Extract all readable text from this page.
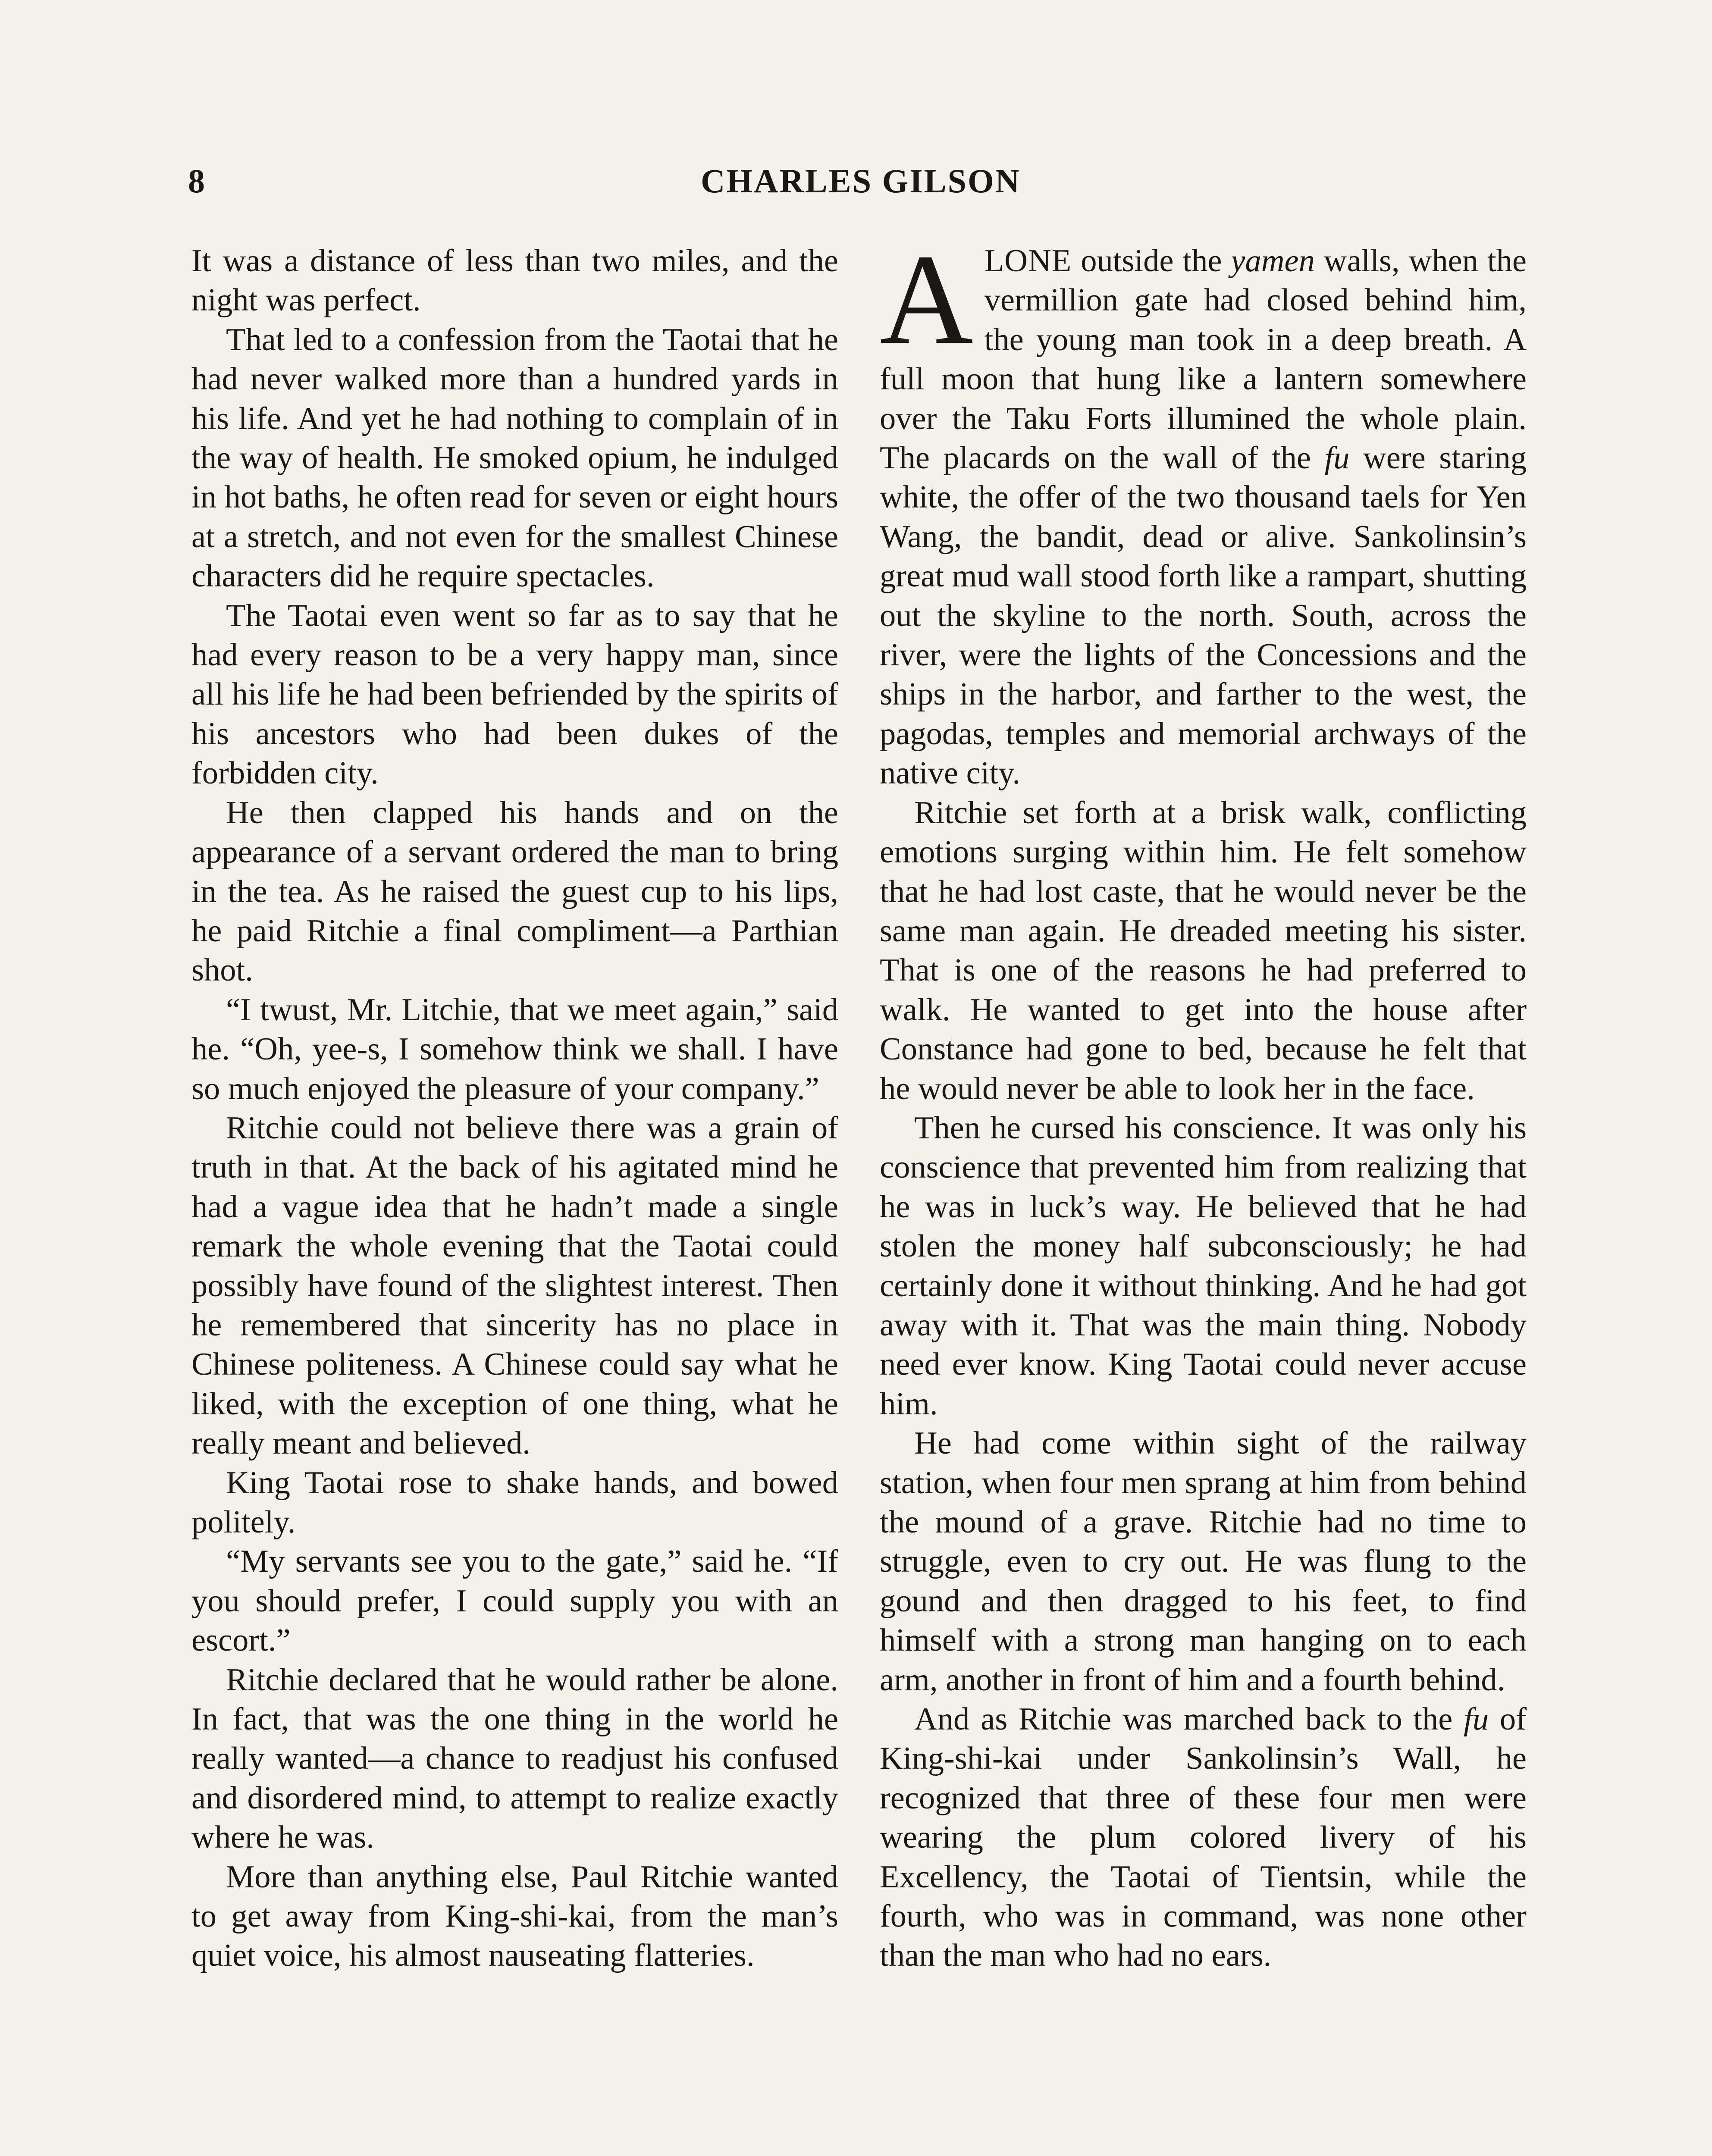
8	CHARLES GILSON

It was a distance of less than two miles, and the night was perfect.

That led to a confession from the Taotai that he had never walked more than a hundred yards in his life. And yet he had nothing to complain of in the way of health. He smoked opium, he indulged in hot baths, he often read for seven or eight hours at a stretch, and not even for the smallest Chinese characters did he require spectacles.

The Taotai even went so far as to say that he had every reason to be a very happy man, since all his life he had been befriended by the spirits of his ancestors who had been dukes of the forbidden city.

He then clapped his hands and on the appearance of a servant ordered the man to bring in the tea. As he raised the guest cup to his lips, he paid Ritchie a final compliment—a Parthian shot.

“I twust, Mr. Litchie, that we meet again,” said he. “Oh, yee-s, I somehow think we shall. I have so much enjoyed the pleasure of your company.”

Ritchie could not believe there was a grain of truth in that. At the back of his agitated mind he had a vague idea that he hadn’t made a single remark the whole evening that the Taotai could possibly have found of the slightest interest. Then he remembered that sincerity has no place in Chinese politeness. A Chinese could say what he liked, with the exception of one thing, what he really meant and believed.

King Taotai rose to shake hands, and bowed politely.

“My servants see you to the gate,” said he. “If you should prefer, I could supply you with an escort.”

Ritchie declared that he would rather be alone. In fact, that was the one thing in the world he really wanted—a chance to readjust his confused and disordered mind, to attempt to realize exactly where he was.

More than anything else, Paul Ritchie wanted to get away from King-shi-kai, from the man’s quiet voice, his almost nauseating flatteries.

ALONE outside the yamen walls, when the vermillion gate had closed behind him, the young man took in a deep breath. A full moon that hung like a lantern somewhere over the Taku Forts illumined the whole plain. The placards on the wall of the fu were staring white, the offer of the two thousand taels for Yen Wang, the bandit, dead or alive. Sankolinsin’s great mud wall stood forth like a rampart, shutting out the skyline to the north. South, across the river, were the lights of the Concessions and the ships in the harbor, and farther to the west, the pagodas, temples and memorial archways of the native city.

Ritchie set forth at a brisk walk, conflicting emotions surging within him. He felt somehow that he had lost caste, that he would never be the same man again. He dreaded meeting his sister. That is one of the reasons he had preferred to walk. He wanted to get into the house after Constance had gone to bed, because he felt that he would never be able to look her in the face.

Then he cursed his conscience. It was only his conscience that prevented him from realizing that he was in luck’s way. He believed that he had stolen the money half subconsciously; he had certainly done it without thinking. And he had got away with it. That was the main thing. Nobody need ever know. King Taotai could never accuse him.

He had come within sight of the railway station, when four men sprang at him from behind the mound of a grave. Ritchie had no time to struggle, even to cry out. He was flung to the gound and then dragged to his feet, to find himself with a strong man hanging on to each arm, another in front of him and a fourth behind.

And as Ritchie was marched back to the fu of King-shi-kai under Sankolinsin’s Wall, he recognized that three of these four men were wearing the plum colored livery of his Excellency, the Taotai of Tientsin, while the fourth, who was in command, was none other than the man who had no ears.
